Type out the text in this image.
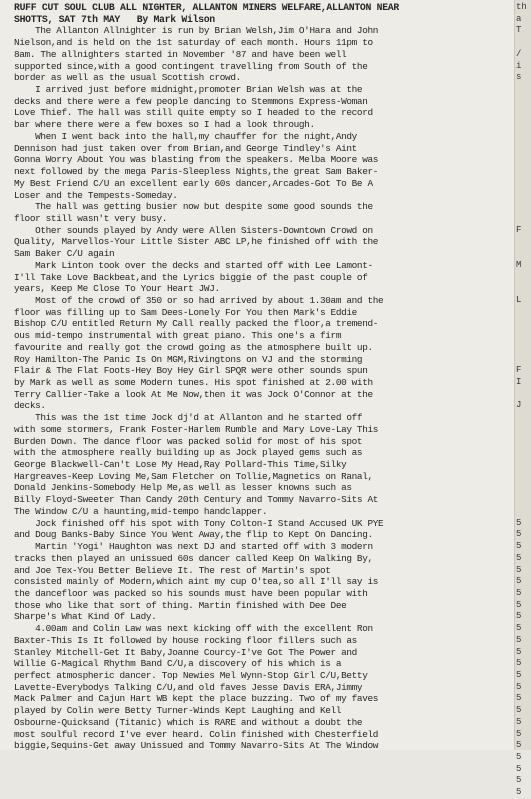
RUFF CUT SOUL CLUB ALL NIGHTER, ALLANTON MINERS WELFARE,ALLANTON NEAR
SHOTTS, SAT 7th MAY   By Mark Wilson
The Allanton Allnighter is run by Brian Welsh,Jim O'Hara and John
Nielson,and is held on the 1st saturday of each month. Hours 11pm to
8am. The allnighters started in November '87 and have been well
supported since,with a good contingent travelling from South of the
border as well as the usual Scottish crowd.
I arrived just before midnight,promoter Brian Welsh was at the
decks and there were a few people dancing to Stemmons Express-Woman
Love Thief. The hall was still quite empty so I headed to the record
bar where there were a few boxes so I had a look through.
When I went back into the hall,my chauffer for the night,Andy
Dennison had just taken over from Brian,and George Tindley's Aint
Gonna Worry About You was blasting from the speakers. Melba Moore was
next followed by the mega Paris-Sleepless Nights,the great Sam Baker-
My Best Friend C/U an excellent early 60s dancer,Arcades-Got To Be A
Loser and the Tempests-Someday.
The hall was getting busier now but despite some good sounds the
floor still wasn't very busy.
Other sounds played by Andy were Allen Sisters-Downtown Crowd on
Quality, Marvellos-Your Little Sister ABC LP,he finished off with the
Sam Baker C/U again
Mark Linton took over the decks and started off with Lee Lamont-
I'll Take Love Backbeat,and the Lyrics biggie of the past couple of
years, Keep Me Close To Your Heart JWJ.
Most of the crowd of 350 or so had arrived by about 1.30am and the
floor was filling up to Sam Dees-Lonely For You then Mark's Eddie
Bishop C/U entitled Return My Call really packed the floor,a tremend-
ous mid-tempo instrumental with great piano. This one's a firm
favourite and really got the crowd going as the atmosphere built up.
Roy Hamilton-The Panic Is On MGM,Rivingtons on VJ and the storming
Flair & The Flat Foots-Hey Boy Hey Girl SPQR were other sounds spun
by Mark as well as some Modern tunes. His spot finished at 2.00 with
Terry Callier-Take a look At Me Now,then it was Jock O'Connor at the
decks.
This was the 1st time Jock dj'd at Allanton and he started off
with some stormers, Frank Foster-Harlem Rumble and Mary Love-Lay This
Burden Down. The dance floor was packed solid for most of his spot
with the atmosphere really building up as Jock played gems such as
George Blackwell-Can't Lose My Head,Ray Pollard-This Time,Silky
Hargreaves-Keep Loving Me,Sam Fletcher on Tollie,Magnetics on Ranal,
Donald Jenkins-Somebody Help Me,as well as lesser knowns such as
Billy Floyd-Sweeter Than Candy 20th Century and Tommy Navarro-Sits At
The Window C/U a haunting,mid-tempo handclapper.
Jock finished off his spot with Tony Colton-I Stand Accused UK PYE
and Doug Banks-Baby Since You Went Away,the flip to Kept On Dancing.
Martin 'Yogi' Haughton was next DJ and started off with 3 modern
tracks then played an unissued 60s dancer called Keep On Walking By,
and Joe Tex-You Better Believe It. The rest of Martin's spot
consisted mainly of Modern,which aint my cup O'tea,so all I'll say is
the dancefloor was packed so his sounds must have been popular with
those who like that sort of thing. Martin finished with Dee Dee
Sharpe's What Kind Of Lady.
4.00am and Colin Law was next kicking off with the excellent Ron
Baxter-This Is It followed by house rocking floor fillers such as
Stanley Mitchell-Get It Baby,Joanne Courcy-I've Got The Power and
Willie G-Magical Rhythm Band C/U,a discovery of his which is a
perfect atmospheric dancer. Top Newies Mel Wynn-Stop Girl C/U,Betty
Lavette-Everybodys Talking C/U,and old faves Jesse Davis ERA,Jimmy
Mack Palmer and Cajun Hart WB kept the place buzzing. Two of my faves
played by Colin were Betty Turner-Winds Kept Laughing and Kell
Osbourne-Quicksand (Titanic) which is RARE and without a doubt the
most soulful record I've ever heard. Colin finished with Chesterfield
biggie,Sequins-Get away Unissued and Tommy Navarro-Sits At The Window
th
a
T
/
i
s
F
M
L
F
I
J
5
5
5
5
5
5
5
5
5
5
5
5
5
5
5
5
5
5
5
5
5
5
5
5
